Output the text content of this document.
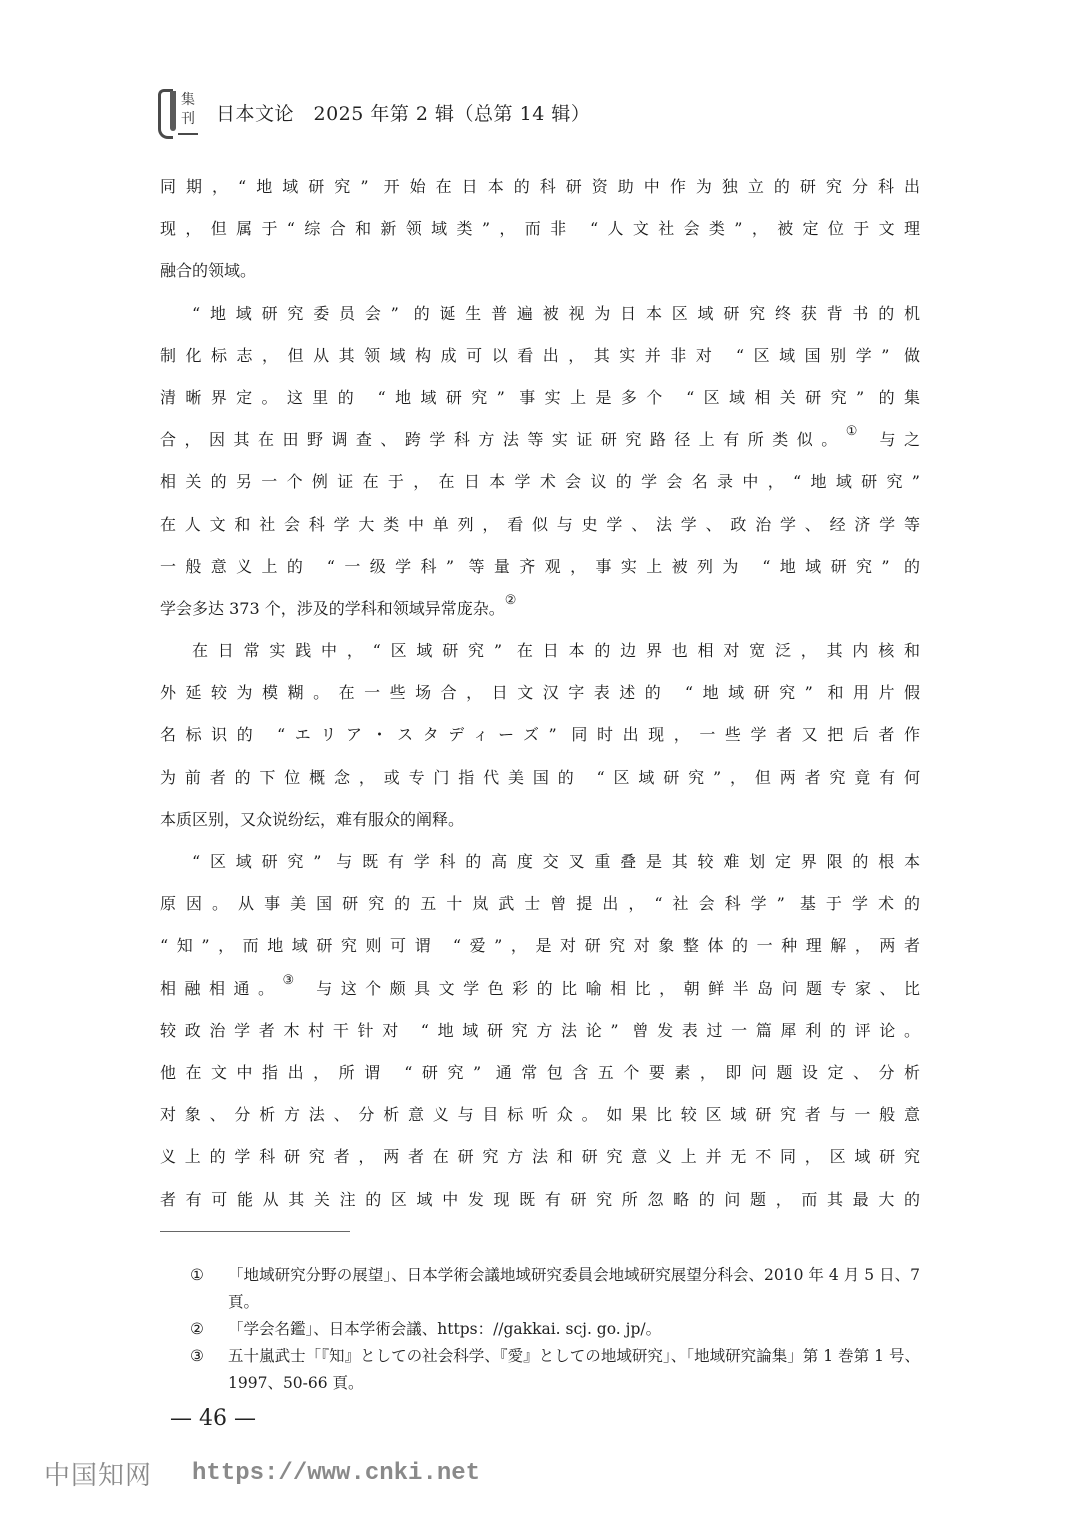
集
刊 日本文论　2025 年第 2 辑（总第 14 辑）
同期，“地域研究” 开始在日本的科研资助中作为独立的研究分科出
现，但属于“综合和新领域类”，而非 “人文社会类”，被定位于文理
融合的领域。
“地域研究委员会” 的诞生普遍被视为日本区域研究终获背书的机
制化标志，但从其领域构成可以看出，其实并非对 “区域国别学” 做
清晰界定。这里的 “地域研究” 事实上是多个 “区域相关研究” 的集
合，因其在田野调查、跨学科方法等实证研究路径上有所类似。① 与之
相关的另一个例证在于，在日本学术会议的学会名录中，“地域研究”
在人文和社会科学大类中单列，看似与史学、法学、政治学、经济学等
一般意义上的 “一级学科” 等量齐观，事实上被列为 “地域研究” 的
学会多达 373 个，涉及的学科和领域异常庞杂。②
在日常实践中，“区域研究” 在日本的边界也相对宽泛，其内核和
外延较为模糊。在一些场合，日文汉字表述的 “地域研究” 和用片假
名标识的 “エリア・スタディーズ” 同时出现，一些学者又把后者作
为前者的下位概念，或专门指代美国的 “区域研究”，但两者究竟有何
本质区别，又众说纷纭，难有服众的阐释。
“区域研究” 与既有学科的高度交叉重叠是其较难划定界限的根本
原因。从事美国研究的五十岚武士曾提出，“社会科学” 基于学术的
“知”，而地域研究则可谓 “爱”，是对研究对象整体的一种理解，两者
相融相通。③ 与这个颇具文学色彩的比喻相比，朝鲜半岛问题专家、比
较政治学者木村干针对 “地域研究方法论” 曾发表过一篇犀利的评论。
他在文中指出，所谓 “研究” 通常包含五个要素，即问题设定、分析
对象、分析方法、分析意义与目标听众。如果比较区域研究者与一般意
义上的学科研究者，两者在研究方法和研究意义上并无不同，区域研究
者有可能从其关注的区域中发现既有研究所忽略的问题，而其最大的
① 「地域研究分野の展望」、日本学術会議地域研究委員会地域研究展望分科会、2010 年 4 月 5 日、7 頁。
② 「学会名鑑」、日本学術会議、https：//gakkai. scj. go. jp/。
③ 五十嵐武士「『知』としての社会科学、『愛』としての地域研究」、「地域研究論集」第 1 巻第 1 号、1997、50-66 頁。
— 46 —
中国知网 https://www.cnki.net
